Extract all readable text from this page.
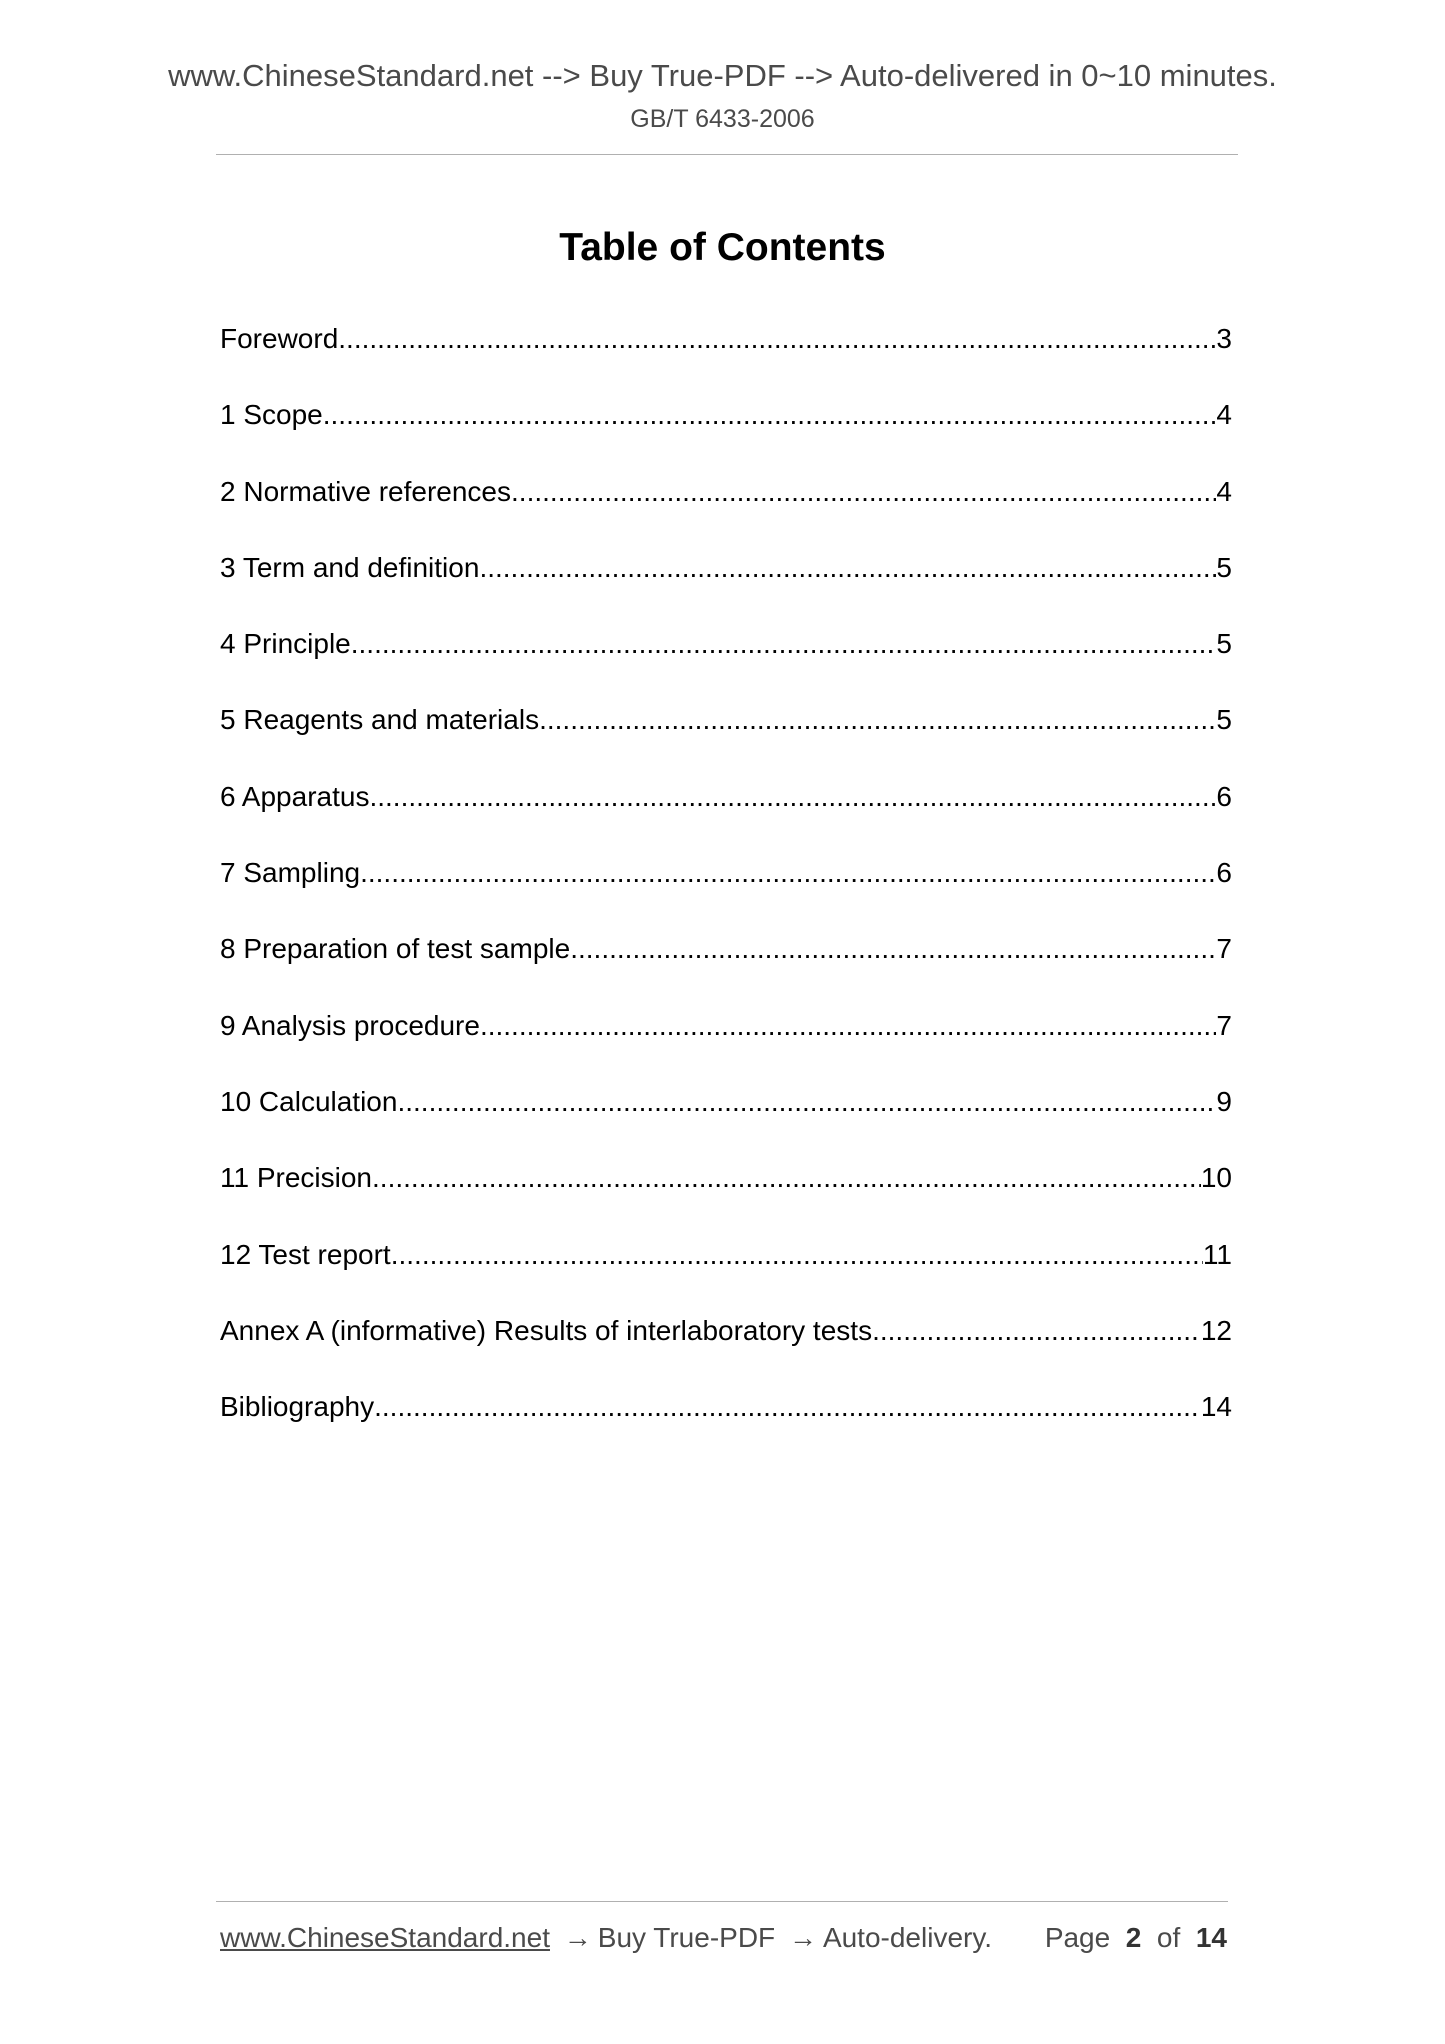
www.ChineseStandard.net --> Buy True-PDF --> Auto-delivered in 0~10 minutes.
GB/T 6433-2006
Table of Contents
Foreword .....	3
1 Scope .....	4
2 Normative references .....	4
3 Term and definition .....	5
4 Principle .....	5
5 Reagents and materials .....	5
6 Apparatus .....	6
7 Sampling .....	6
8 Preparation of test sample .....	7
9 Analysis procedure .....	7
10 Calculation .....	9
11 Precision .....	10
12 Test report .....	11
Annex A (informative) Results of interlaboratory tests .....	12
Bibliography .....	14
www.ChineseStandard.net → Buy True-PDF → Auto-delivery. Page 2 of 14
